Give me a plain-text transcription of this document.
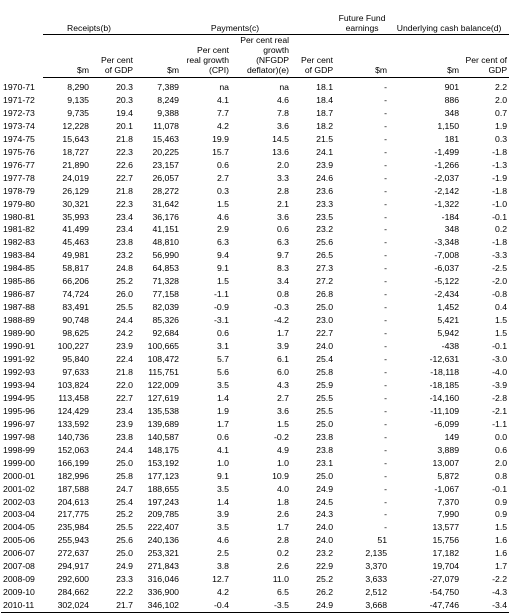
	Receipts(b)		Payments(c)				Future Fund earnings	Underlying cash balance(d)	
	$m	Per cent of GDP	$m	Per cent real growth (CPI)	Per cent real growth (NFGDP deflator)(e)	Per cent of GDP	$m	$m	Per cent of GDP

1970-71	8,290	20.3	7,389	na	na	18.1	-	901	2.2
1971-72	9,135	20.3	8,249	4.1	4.6	18.4	-	886	2.0
1972-73	9,735	19.4	9,388	7.7	7.8	18.7	-	348	0.7
1973-74	12,228	20.1	11,078	4.2	3.6	18.2	-	1,150	1.9
1974-75	15,643	21.8	15,463	19.9	14.5	21.5	-	181	0.3
1975-76	18,727	22.3	20,225	15.7	13.6	24.1	-	-1,499	-1.8
1976-77	21,890	22.6	23,157	0.6	2.0	23.9	-	-1,266	-1.3
1977-78	24,019	22.7	26,057	2.7	3.3	24.6	-	-2,037	-1.9
1978-79	26,129	21.8	28,272	0.3	2.8	23.6	-	-2,142	-1.8
1979-80	30,321	22.3	31,642	1.5	2.1	23.3	-	-1,322	-1.0
1980-81	35,993	23.4	36,176	4.6	3.6	23.5	-	-184	-0.1
1981-82	41,499	23.4	41,151	2.9	0.6	23.2	-	348	0.2
1982-83	45,463	23.8	48,810	6.3	6.3	25.6	-	-3,348	-1.8
1983-84	49,981	23.2	56,990	9.4	9.7	26.5	-	-7,008	-3.3
1984-85	58,817	24.8	64,853	9.1	8.3	27.3	-	-6,037	-2.5
1985-86	66,206	25.2	71,328	1.5	3.4	27.2	-	-5,122	-2.0
1986-87	74,724	26.0	77,158	-1.1	0.8	26.8	-	-2,434	-0.8
1987-88	83,491	25.5	82,039	-0.9	-0.3	25.0	-	1,452	0.4
1988-89	90,748	24.4	85,326	-3.1	-4.2	23.0	-	5,421	1.5
1989-90	98,625	24.2	92,684	0.6	1.7	22.7	-	5,942	1.5
1990-91	100,227	23.9	100,665	3.1	3.9	24.0	-	-438	-0.1
1991-92	95,840	22.4	108,472	5.7	6.1	25.4	-	-12,631	-3.0
1992-93	97,633	21.8	115,751	5.6	6.0	25.8	-	-18,118	-4.0
1993-94	103,824	22.0	122,009	3.5	4.3	25.9	-	-18,185	-3.9
1994-95	113,458	22.7	127,619	1.4	2.7	25.5	-	-14,160	-2.8
1995-96	124,429	23.4	135,538	1.9	3.6	25.5	-	-11,109	-2.1
1996-97	133,592	23.9	139,689	1.7	1.5	25.0	-	-6,099	-1.1
1997-98	140,736	23.8	140,587	0.6	-0.2	23.8	-	149	0.0
1998-99	152,063	24.4	148,175	4.1	4.9	23.8	-	3,889	0.6
1999-00	166,199	25.0	153,192	1.0	1.0	23.1	-	13,007	2.0
2000-01	182,996	25.8	177,123	9.1	10.9	25.0	-	5,872	0.8
2001-02	187,588	24.7	188,655	3.5	4.0	24.9	-	-1,067	-0.1
2002-03	204,613	25.4	197,243	1.4	1.8	24.5	-	7,370	0.9
2003-04	217,775	25.2	209,785	3.9	2.6	24.3	-	7,990	0.9
2004-05	235,984	25.5	222,407	3.5	1.7	24.0	-	13,577	1.5
2005-06	255,943	25.6	240,136	4.6	2.8	24.0	51	15,756	1.6
2006-07	272,637	25.0	253,321	2.5	0.2	23.2	2,135	17,182	1.6
2007-08	294,917	24.9	271,843	3.8	2.6	22.9	3,370	19,704	1.7
2008-09	292,600	23.3	316,046	12.7	11.0	25.2	3,633	-27,079	-2.2
2009-10	284,662	22.2	336,900	4.2	6.5	26.2	2,512	-54,750	-4.3
2010-11	302,024	21.7	346,102	-0.4	-3.5	24.9	3,668	-47,746	-3.4
